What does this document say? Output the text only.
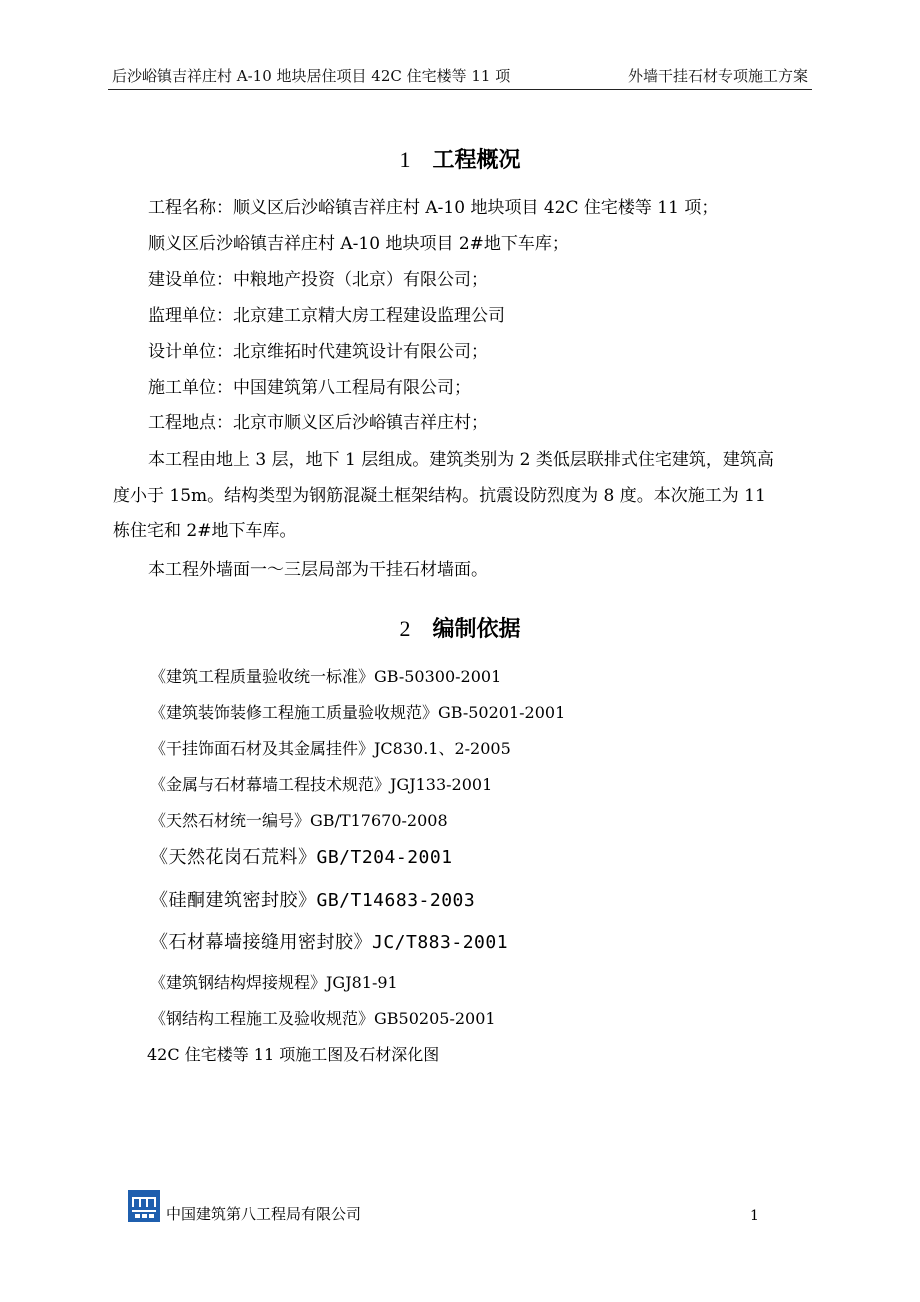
后沙峪镇吉祥庄村 A-10 地块居住项目 42C 住宅楼等 11 项	外墙干挂石材专项施工方案
1 工程概况
工程名称：顺义区后沙峪镇吉祥庄村 A-10 地块项目 42C 住宅楼等 11 项；
顺义区后沙峪镇吉祥庄村 A-10 地块项目 2#地下车库；
建设单位：中粮地产投资（北京）有限公司；
监理单位：北京建工京精大房工程建设监理公司
设计单位：北京维拓时代建筑设计有限公司；
施工单位：中国建筑第八工程局有限公司；
工程地点：北京市顺义区后沙峪镇吉祥庄村；
本工程由地上 3 层，地下 1 层组成。建筑类别为 2 类低层联排式住宅建筑，建筑高
度小于 15m。结构类型为钢筋混凝土框架结构。抗震设防烈度为 8 度。本次施工为 11
栋住宅和 2#地下车库。
本工程外墙面一～三层局部为干挂石材墙面。
2 编制依据
《建筑工程质量验收统一标准》GB-50300-2001
《建筑装饰装修工程施工质量验收规范》GB-50201-2001
《干挂饰面石材及其金属挂件》JC830.1、2-2005
《金属与石材幕墙工程技术规范》JGJ133-2001
《天然石材统一编号》GB/T17670-2008
《天然花岗石荒料》GB/T204-2001
《硅酮建筑密封胶》GB/T14683-2003
《石材幕墙接缝用密封胶》JC/T883-2001
《建筑钢结构焊接规程》JGJ81-91
《钢结构工程施工及验收规范》GB50205-2001
42C 住宅楼等 11 项施工图及石材深化图
中国建筑第八工程局有限公司	1
